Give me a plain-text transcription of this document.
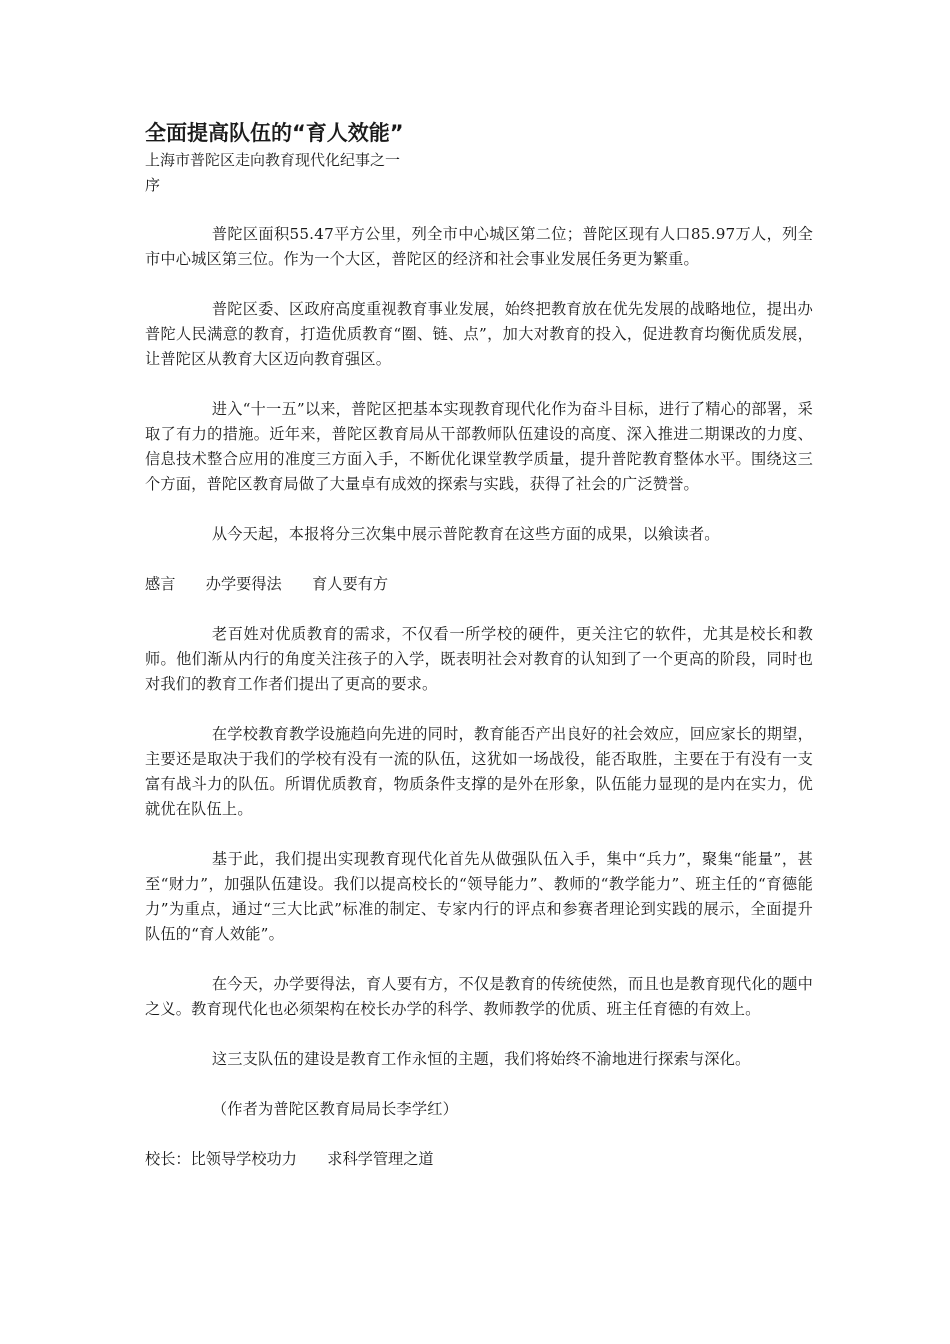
全面提高队伍的“育人效能”

上海市普陀区走向教育现代化纪事之一

序

普陀区面积55.47平方公里，列全市中心城区第二位；普陀区现有人口85.97万人，列全市中心城区第三位。作为一个大区，普陀区的经济和社会事业发展任务更为繁重。

普陀区委、区政府高度重视教育事业发展，始终把教育放在优先发展的战略地位，提出办普陀人民满意的教育，打造优质教育“圈、链、点”，加大对教育的投入，促进教育均衡优质发展，让普陀区从教育大区迈向教育强区。

进入“十一五”以来，普陀区把基本实现教育现代化作为奋斗目标，进行了精心的部署，采取了有力的措施。近年来，普陀区教育局从干部教师队伍建设的高度、深入推进二期课改的力度、信息技术整合应用的准度三方面入手，不断优化课堂教学质量，提升普陀教育整体水平。围绕这三个方面，普陀区教育局做了大量卓有成效的探索与实践，获得了社会的广泛赞誉。

从今天起，本报将分三次集中展示普陀教育在这些方面的成果，以飨读者。

感言　　办学要得法　　育人要有方

老百姓对优质教育的需求，不仅看一所学校的硬件，更关注它的软件，尤其是校长和教师。他们渐从内行的角度关注孩子的入学，既表明社会对教育的认知到了一个更高的阶段，同时也对我们的教育工作者们提出了更高的要求。

在学校教育教学设施趋向先进的同时，教育能否产出良好的社会效应，回应家长的期望，主要还是取决于我们的学校有没有一流的队伍，这犹如一场战役，能否取胜，主要在于有没有一支富有战斗力的队伍。所谓优质教育，物质条件支撑的是外在形象，队伍能力显现的是内在实力，优就优在队伍上。

基于此，我们提出实现教育现代化首先从做强队伍入手，集中“兵力”，聚集“能量”，甚至“财力”，加强队伍建设。我们以提高校长的“领导能力”、教师的“教学能力”、班主任的“育德能力”为重点，通过“三大比武”标准的制定、专家内行的评点和参赛者理论到实践的展示，全面提升队伍的“育人效能”。

在今天，办学要得法，育人要有方，不仅是教育的传统使然，而且也是教育现代化的题中之义。教育现代化也必须架构在校长办学的科学、教师教学的优质、班主任育德的有效上。

这三支队伍的建设是教育工作永恒的主题，我们将始终不渝地进行探索与深化。

（作者为普陀区教育局局长李学红）

校长：比领导学校功力　　求科学管理之道
